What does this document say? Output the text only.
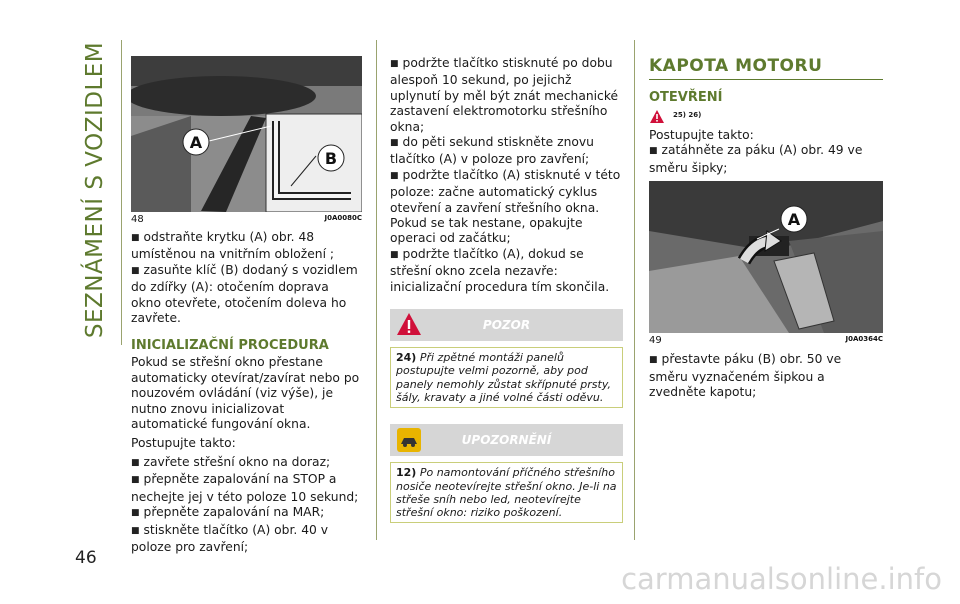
SEZNÁMENÍ S VOZIDLEM
46
A
B
48	J0A0080C

■ odstraňte krytku (A) obr. 48 umístěnou na vnitřním obložení ;

■ zasuňte klíč (B) dodaný s vozidlem do zdířky (A): otočením doprava okno otevřete, otočením doleva ho zavřete.

INICIALIZAČNÍ PROCEDURA

Pokud se střešní okno přestane automaticky otevírat/zavírat nebo po nouzovém ovládání (viz výše), je nutno znovu inicializovat automatické fungování okna.

Postupujte takto:

■ zavřete střešní okno na doraz;

■ přepněte zapalování na STOP a nechejte jej v této poloze 10 sekund;

■ přepněte zapalování na MAR;

■ stiskněte tlačítko (A) obr. 40 v poloze pro zavření;

■ podržte tlačítko stisknuté po dobu alespoň 10 sekund, po jejichž uplynutí by měl být znát mechanické zastavení elektromotorku střešního okna;

■ do pěti sekund stiskněte znovu tlačítko (A) v poloze pro zavření;

■ podržte tlačítko (A) stisknuté v této poloze: začne automatický cyklus otevření a zavření střešního okna. Pokud se tak nestane, opakujte operaci od začátku;

■ podržte tlačítko (A), dokud se střešní okno zcela nezavře: inicializační procedura tím skončila.

POZOR
24) Při zpětné montáži panelů postupujte velmi pozorně, aby pod panely nemohly zůstat skřípnuté prsty, šály, kravaty a jiné volné části oděvu.
UPOZORNĚNÍ
12) Po namontování příčného střešního nosiče neotevírejte střešní okno. Je-li na střeše sníh nebo led, neotevírejte střešní okno: riziko poškození.
KAPOTA MOTORU
OTEVŘENÍ
25) 26)

Postupujte takto:

■ zatáhněte za páku (A) obr. 49 ve směru šipky;

A
49	J0A0364C

■ přestavte páku (B) obr. 50 ve směru vyznačeném šipkou a zvedněte kapotu;

carmanualsonline.info
